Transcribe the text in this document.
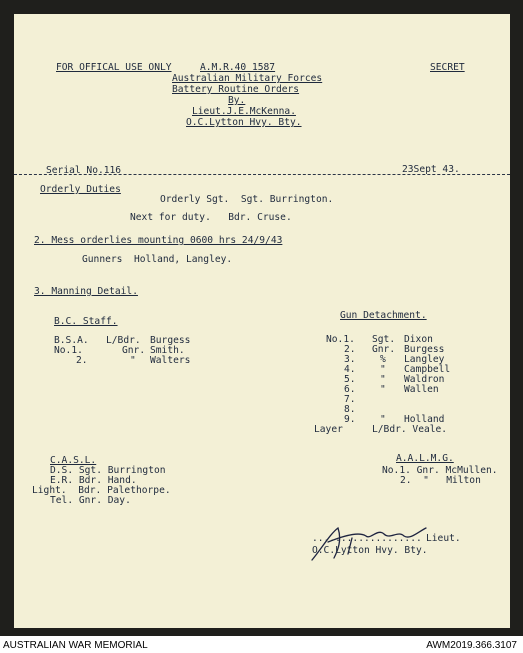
FOR OFFICAL USE ONLY	A.M.R.40 1587	SECRET
Australian Military Forces
Battery Routine Orders
By.
Lieut.J.E.McKenna.
O.C.Lytton Hvy. Bty.
Serial No.116	23Sept 43.
Orderly Duties
Orderly Sgt.  Sgt. Burrington.
Next for duty.   Bdr. Cruse.
2. Mess orderlies mounting 0600 hrs 24/9/43
Gunners  Holland, Langley.
3. Manning Detail.
B.C. Staff.
B.S.A. L/Bdr. Burgess
No.1.	Gnr. Smith.
2.	" Walters
Gun Detachment.
No.1. Sgt. Dixon
2. Gnr. Burgess
3.	% Langley
4.	" Campbell
5.	" Waldron
6.	" Wallen
7.
8.
9.	" Holland
Layer	L/Bdr. Veale.
C.A.S.L.
D.S. Sgt. Burrington
E.R. Bdr. Hand.
Light.  Bdr. Palethorpe.
Tel. Gnr. Day.
A.A.L.M.G.
No.1. Gnr. McMullen.
2.  "   Milton
................... Lieut.
O.C.Lytton Hvy. Bty.
AUSTRALIAN WAR MEMORIAL	AWM2019.366.3107
